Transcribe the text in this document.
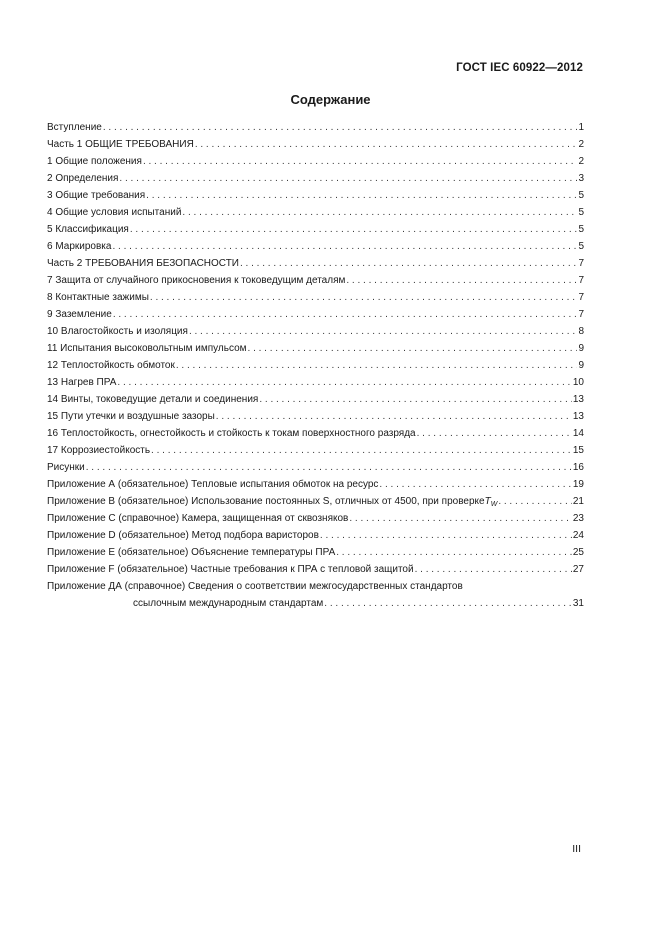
ГОСТ IEC 60922—2012
Содержание
Вступление . . .	1
Часть 1 ОБЩИЕ ТРЕБОВАНИЯ . . .	2
1 Общие положения . . .	2
2 Определения . . .	3
3 Общие требования . . .	5
4 Общие условия испытаний . . .	5
5 Классификация . . .	5
6 Маркировка . . .	5
Часть 2 ТРЕБОВАНИЯ БЕЗОПАСНОСТИ . . .	7
7 Защита от случайного прикосновения к токоведущим деталям . . .	7
8 Контактные зажимы . . .	7
9 Заземление . . .	7
10 Влагостойкость и изоляция . . .	8
11 Испытания высоковольтным импульсом . . .	9
12 Теплостойкость обмоток . . .	9
13 Нагрев ПРА . . .	10
14 Винты, токоведущие детали и соединения . . .	13
15 Пути утечки и воздушные зазоры . . .	13
16 Теплостойкость, огнестойкость и стойкость к токам поверхностного разряда . . .	14
17 Коррозиестойкость . . .	15
Рисунки . . .	16
Приложение А (обязательное) Тепловые испытания обмоток на ресурс . . .	19
Приложение В (обязательное) Использование постоянных S, отличных от 4500, при проверке $T_W$ . . .	21
Приложение С (справочное) Камера, защищенная от сквозняков . . .	23
Приложение D (обязательное) Метод подбора варисторов . . .	24
Приложение Е (обязательное) Объяснение температуры ПРА . . .	25
Приложение F (обязательное) Частные требования к ПРА с тепловой защитой . . .	27
Приложение ДА (справочное) Сведения о соответствии межгосударственных стандартов
ссылочным международным стандартам . . .	31
III
